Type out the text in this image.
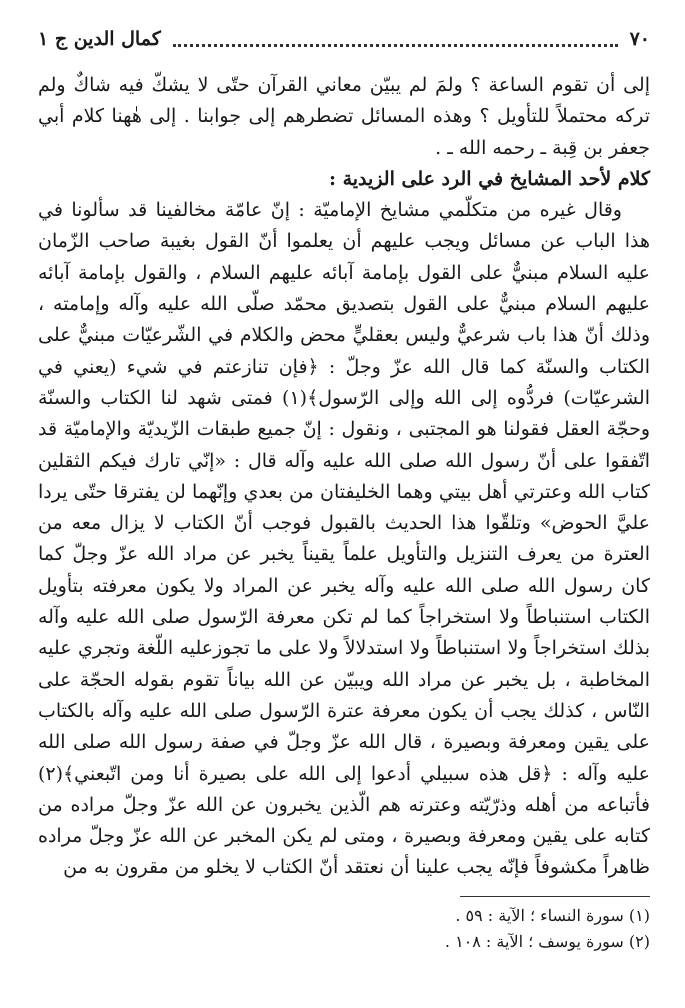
٧٠
كمال الدين ج ١

إلى أن تقوم الساعة ؟ ولمَ لم يبيّن معاني القرآن حتّى لا يشكّ فيه شاكٌ ولم تركه محتملاً للتأويل ؟ وهذه المسائل تضطرهم إلى جوابنا . إلى هٰهنا كلام أبي جعفر بن قِبة ـ رحمه الله ـ .

كلام لأحد المشايخ في الرد على الزيدية :

وقال غيره من متكلّمي مشايخ الإماميّة : إنّ عامّة مخالفينا قد سألونا في هذا الباب عن مسائل ويجب عليهم أن يعلموا أنّ القول بغيبة صاحب الزّمان عليه السلام مبنيٌّ على القول بإمامة آبائه عليهم السلام ، والقول بإمامة آبائه عليهم السلام مبنيٌّ على القول بتصديق محمّد صلّى الله عليه وآله وإمامته ، وذلك أنّ هذا باب شرعيٌّ وليس بعقليٍّ محض والكلام في الشّرعيّات مبنيٌّ على الكتاب والسنّة كما قال الله عزّ وجلّ : ﴿فإن تنازعتم في شيء (يعني في الشرعيّات) فردُّوه إلى الله وإلى الرّسول﴾(١) فمتى شهد لنا الكتاب والسنّة وحجّة العقل فقولنا هو المجتبى ، ونقول : إنّ جميع طبقات الزّيديّة والإماميّة قد اتّفقوا على أنّ رسول الله صلى الله عليه وآله قال : «إنّي تارك فيكم الثقلين كتاب الله وعترتي أهل بيتي وهما الخليفتان من بعدي وإنّهما لن يفترقا حتّى يردا عليَّ الحوض» وتلقّوا هذا الحديث بالقبول فوجب أنّ الكتاب لا يزال معه من العترة من يعرف التنزيل والتأويل علماً يقيناً يخبر عن مراد الله عزّ وجلّ كما كان رسول الله صلى الله عليه وآله يخبر عن المراد ولا يكون معرفته بتأويل الكتاب استنباطاً ولا استخراجاً كما لم تكن معرفة الرّسول صلى الله عليه وآله بذلك استخراجاً ولا استنباطاً ولا استدلالاً ولا على ما تجوزعليه اللّغة وتجري عليه المخاطبة ، بل يخبر عن مراد الله ويبيّن عن الله بياناً تقوم بقوله الحجّة على النّاس ، كذلك يجب أن يكون معرفة عترة الرّسول صلى الله عليه وآله بالكتاب على يقين ومعرفة وبصيرة ، قال الله عزّ وجلّ في صفة رسول الله صلى الله عليه وآله : ﴿قل هذه سبيلي أدعوا إلى الله على بصيرة أنا ومن اتّبعني﴾(٢) فأتباعه من أهله وذرّيّته وعترته هم الّذين يخبرون عن الله عزّ وجلّ مراده من كتابه على يقين ومعرفة وبصيرة ، ومتى لم يكن المخبر عن الله عزّ وجلّ مراده ظاهراً مكشوفاً فإنّه يجب علينا أن نعتقد أنّ الكتاب لا يخلو من مقرون به من

(١) سورة النساء ؛ الآية : ٥٩ .
(٢) سورة يوسف ؛ الآية : ١٠٨ .
